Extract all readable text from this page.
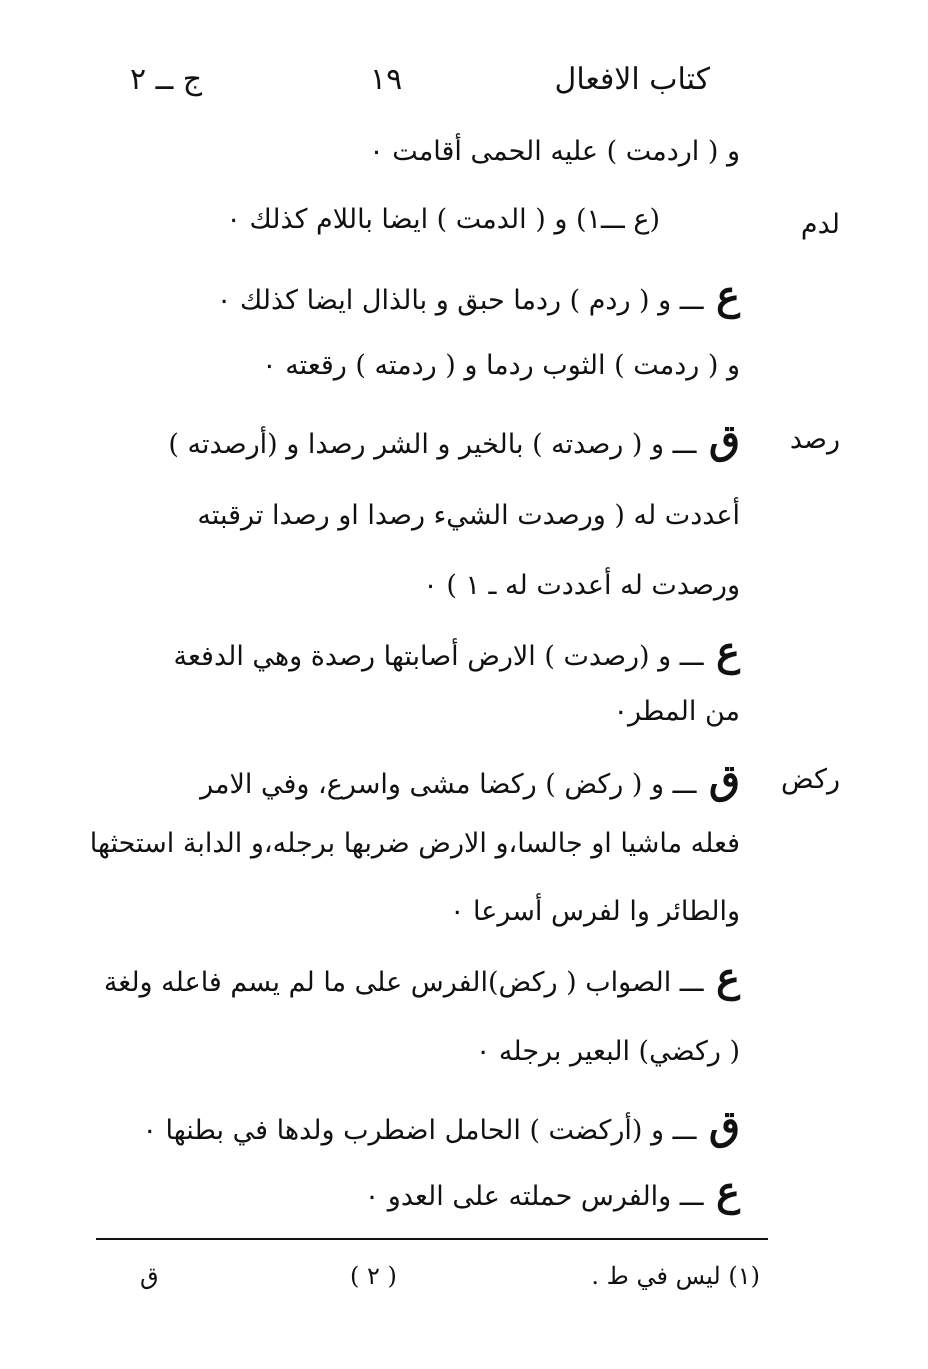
كتاب الافعال
١٩
ج ــ ٢
لدم
رصد
ركض
و ( اردمت ) عليه الحمى أقامت ٠
(ع ـــ١) و ( الدمت ) ايضا باللام كذلك ٠
ع ـــ و ( ردم ) ردما حبق و بالذال ايضا كذلك ٠
و ( ردمت ) الثوب ردما و ( ردمته ) رقعته ٠
ق ـــ و ( رصدته ) بالخير و الشر رصدا و (أرصدته )
أعددت له ( ورصدت الشيء رصدا او رصدا ترقبته
ورصدت له أعددت له ـ ١ ) ٠
ع ـــ و (رصدت ) الارض أصابتها رصدة وهي الدفعة
من المطر٠
ق ـــ و ( ركض ) ركضا مشى واسرع، وفي الامر
فعله ماشيا او جالسا،و الارض ضربها برجله،و الدابة استحثها
والطائر وا لفرس أسرعا ٠
ع ـــ الصواب ( ركض)الفرس على ما لم يسم فاعله ولغة
( ركضي) البعير برجله ٠
ق ـــ و (أركضت ) الحامل اضطرب ولدها في بطنها ٠
ع ـــ والفرس حملته على العدو ٠
(١) ليس في ط .
( ٢ )
ق
